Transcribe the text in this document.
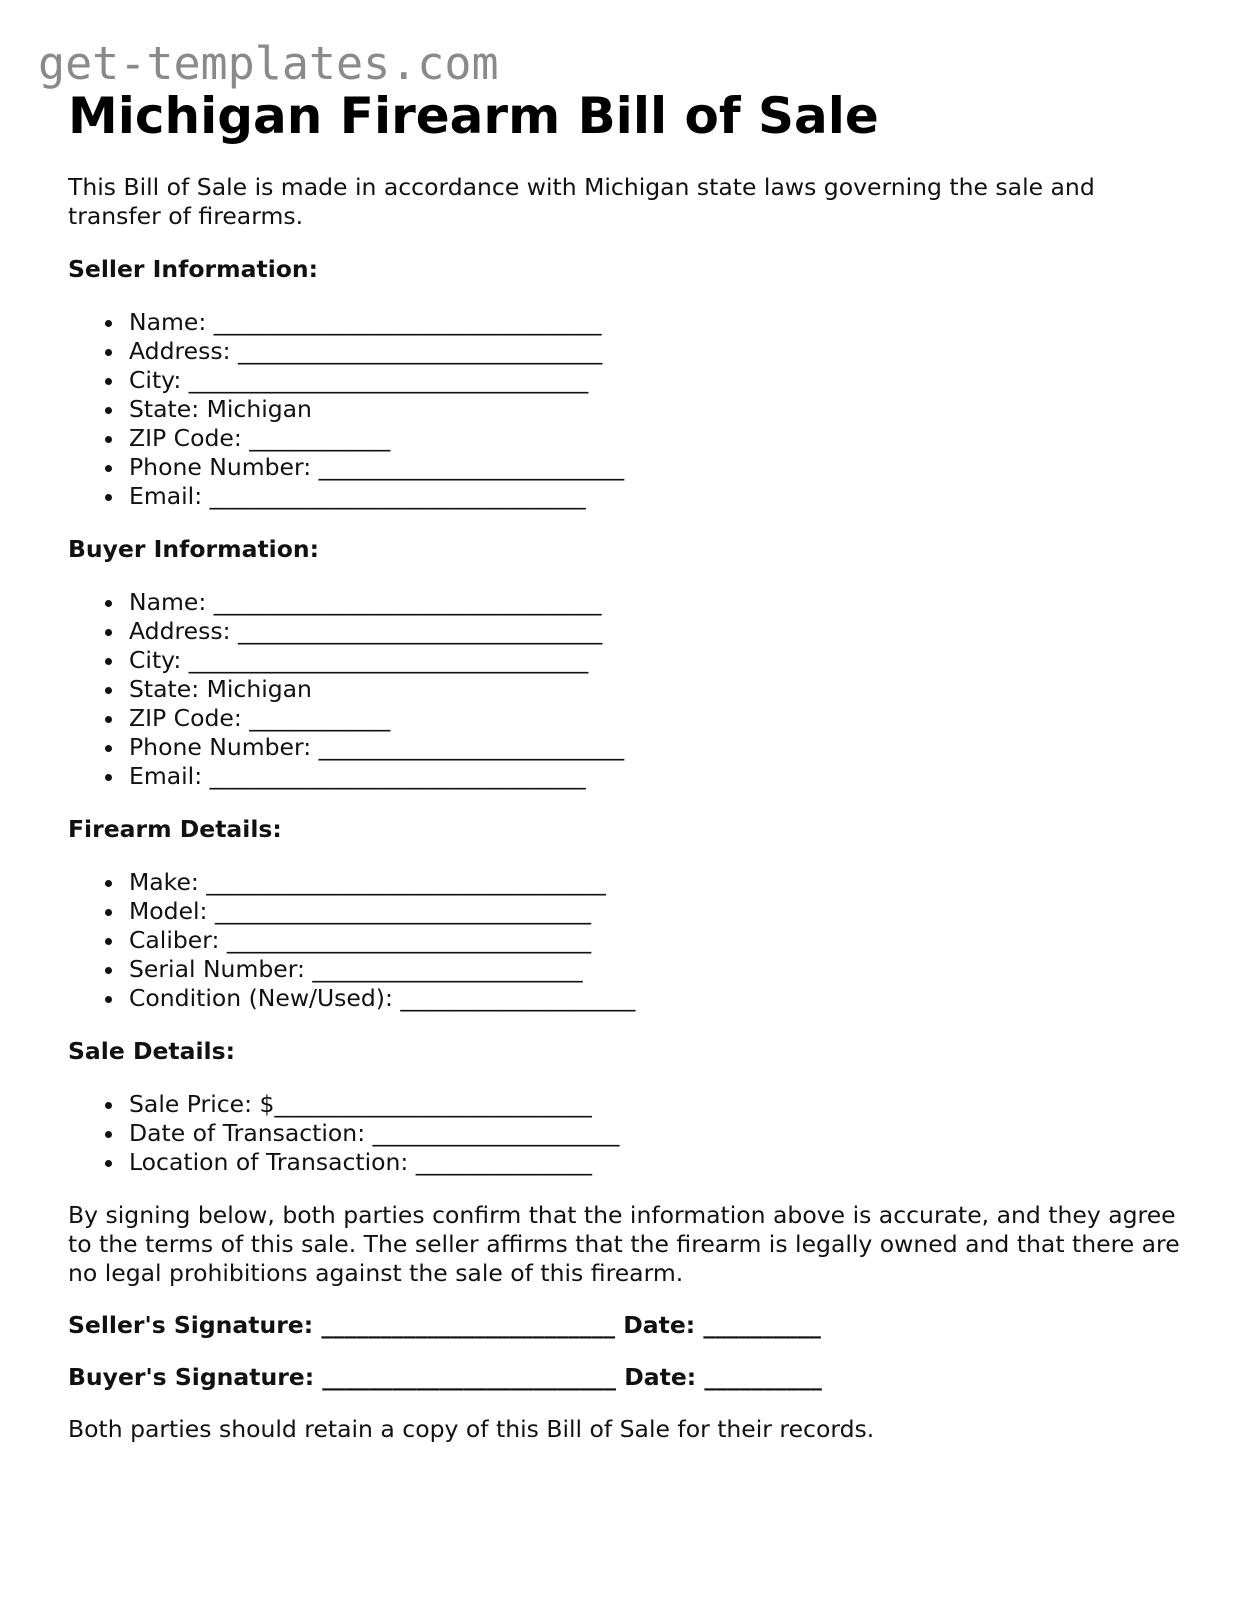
get-templates.com
Michigan Firearm Bill of Sale

This Bill of Sale is made in accordance with Michigan state laws governing the sale and transfer of firearms.

Seller Information:

Name: _________________________________
Address: _______________________________
City: __________________________________
State: Michigan
ZIP Code: ____________
Phone Number: __________________________
Email: ________________________________

Buyer Information:

Name: _________________________________
Address: _______________________________
City: __________________________________
State: Michigan
ZIP Code: ____________
Phone Number: __________________________
Email: ________________________________

Firearm Details:

Make: __________________________________
Model: ________________________________
Caliber: _______________________________
Serial Number: _______________________
Condition (New/Used): ____________________

Sale Details:

Sale Price: $___________________________
Date of Transaction: _____________________
Location of Transaction: _______________

By signing below, both parties confirm that the information above is accurate, and they agree to the terms of this sale. The seller affirms that the firearm is legally owned and that there are no legal prohibitions against the sale of this firearm.

Seller's Signature: _________________________ Date: __________

Buyer's Signature: _________________________ Date: __________

Both parties should retain a copy of this Bill of Sale for their records.
